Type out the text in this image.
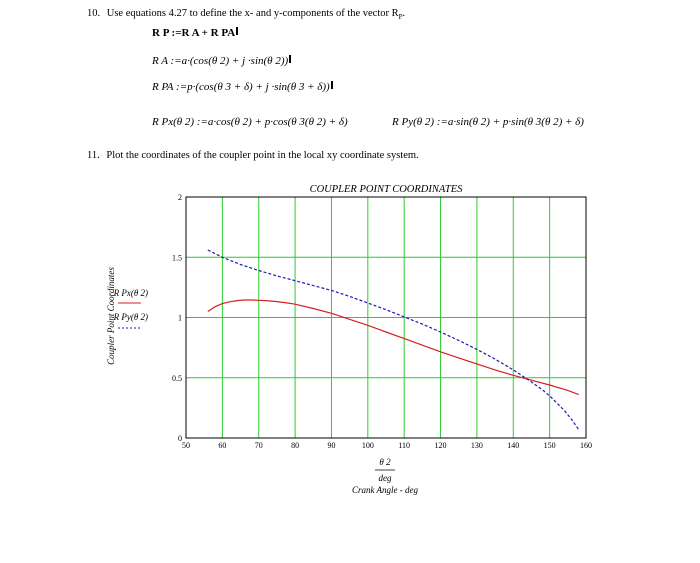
10. Use equations 4.27 to define the x- and y-components of the vector $R_P$.
R P :=R A + R PA
R A :=a·(cos(θ 2) + j ·sin(θ 2))
R PA :=p·(cos(θ 3 + δ) + j ·sin(θ 3 + δ))
R Px(θ 2) :=a·cos(θ 2) + p·cos(θ 3(θ 2) + δ)	R Py(θ 2) :=a·sin(θ 2) + p·sin(θ 3(θ 2) + δ)
11. Plot the coordinates of the coupler point in the local xy coordinate system.
COUPLER POINT COORDINATES
50	60	70	80	90	100	110	120	130	140	150	160
0
0.5
1
1.5
2
Coupler Point Coordinates
R Px(θ 2)
R Py(θ 2)
θ 2
deg
Crank Angle - deg
